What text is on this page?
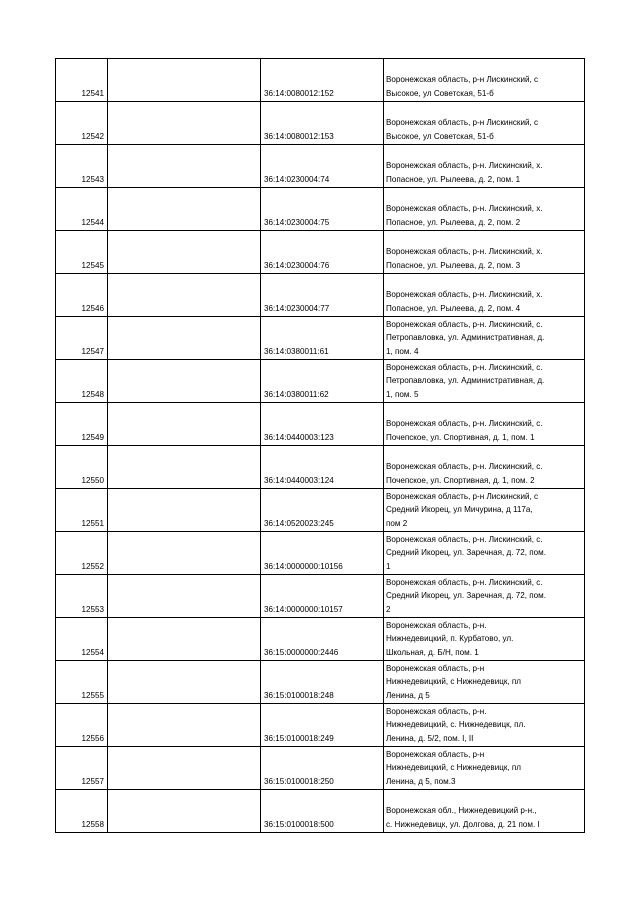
12541		36:14:0080012:152	Воронежская область, р-н Лискинский, с
Высокое, ул Советская, 51-б

12542		36:14:0080012:153	Воронежская область, р-н Лискинский, с
Высокое, ул Советская, 51-б

12543		36:14:0230004:74	Воронежская область, р-н. Лискинский, х.
Попасное, ул. Рылеева, д. 2, пом. 1

12544		36:14:0230004:75	Воронежская область, р-н. Лискинский, х.
Попасное, ул. Рылеева, д. 2, пом. 2

12545		36:14:0230004:76	Воронежская область, р-н. Лискинский, х.
Попасное, ул. Рылеева, д. 2, пом. 3

12546		36:14:0230004:77	Воронежская область, р-н. Лискинский, х.
Попасное, ул. Рылеева, д. 2, пом. 4

12547		36:14:0380011:61	Воронежская область, р-н. Лискинский, с.
Петропавловка, ул. Административная, д.
1, пом. 4

12548		36:14:0380011:62	Воронежская область, р-н. Лискинский, с.
Петропавловка, ул. Административная, д.
1, пом. 5

12549		36:14:0440003:123	Воронежская область, р-н. Лискинский, с.
Почепское, ул. Спортивная, д. 1, пом. 1

12550		36:14:0440003:124	Воронежская область, р-н. Лискинский, с.
Почепское, ул. Спортивная, д. 1, пом. 2

12551		36:14:0520023:245	Воронежская область, р-н Лискинский, с
Средний Икорец, ул Мичурина, д 117а,
пом 2

12552		36:14:0000000:10156	Воронежская область, р-н. Лискинский, с.
Средний Икорец, ул. Заречная, д. 72, пом.
1

12553		36:14:0000000:10157	Воронежская область, р-н. Лискинский, с.
Средний Икорец, ул. Заречная, д. 72, пом.
2

12554		36:15:0000000:2446	Воронежская область, р-н.
Нижнедевицкий, п. Курбатово, ул.
Школьная, д. Б/Н, пом. 1

12555		36:15:0100018:248	Воронежская область, р-н
Нижнедевицкий, с Нижнедевицк, пл
Ленина, д 5

12556		36:15:0100018:249	Воронежская область, р-н.
Нижнедевицкий, с. Нижнедевицк, пл.
Ленина, д. 5/2, пом. I, II

12557		36:15:0100018:250	Воронежская область, р-н
Нижнедевицкий, с Нижнедевицк, пл
Ленина, д 5, пом.3

12558		36:15:0100018:500	Воронежская обл., Нижнедевицкий р-н.,
с. Нижнедевицк, ул. Долгова, д. 21 пом. I
